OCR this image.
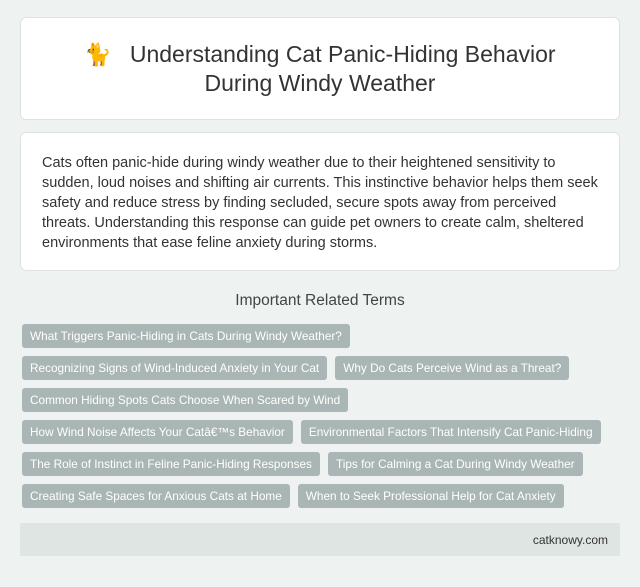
🐈 Understanding Cat Panic-Hiding Behavior During Windy Weather

Cats often panic-hide during windy weather due to their heightened sensitivity to sudden, loud noises and shifting air currents. This instinctive behavior helps them seek safety and reduce stress by finding secluded, secure spots away from perceived threats. Understanding this response can guide pet owners to create calm, sheltered environments that ease feline anxiety during storms.

Important Related Terms
What Triggers Panic-Hiding in Cats During Windy Weather?
Recognizing Signs of Wind-Induced Anxiety in Your Cat	Why Do Cats Perceive Wind as a Threat?
Common Hiding Spots Cats Choose When Scared by Wind
How Wind Noise Affects Your Catâ€™s Behavior	Environmental Factors That Intensify Cat Panic-Hiding
The Role of Instinct in Feline Panic-Hiding Responses	Tips for Calming a Cat During Windy Weather
Creating Safe Spaces for Anxious Cats at Home	When to Seek Professional Help for Cat Anxiety
catknowy.com
